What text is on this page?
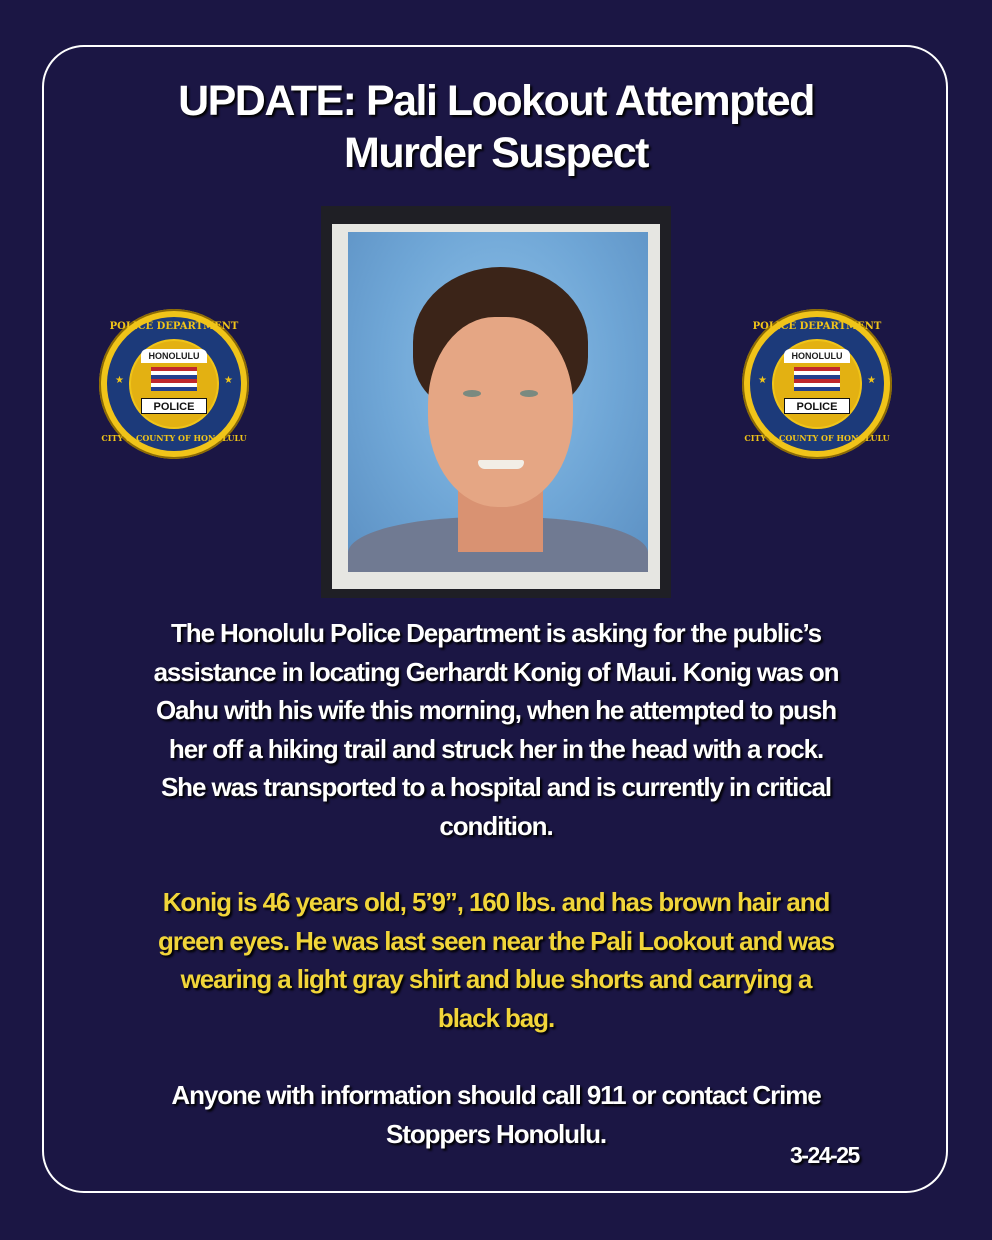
UPDATE: Pali Lookout Attempted
Murder Suspect
POLICE DEPARTMENT
★	★
HONOLULU
POLICE
CITY & COUNTY OF HONOLULU
POLICE DEPARTMENT
★	★
HONOLULU
POLICE
CITY & COUNTY OF HONOLULU
The Honolulu Police Department is asking for the public’s
assistance in locating Gerhardt Konig of Maui. Konig was on
Oahu with his wife this morning, when he attempted to push
her off a hiking trail and struck her in the head with a rock.
She was transported to a hospital and is currently in critical
condition.
Konig is 46 years old, 5’9”, 160 lbs. and has brown hair and
green eyes. He was last seen near the Pali Lookout and was
wearing a light gray shirt and blue shorts and carrying a
black bag.
Anyone with information should call 911 or contact Crime
Stoppers Honolulu.
3-24-25
